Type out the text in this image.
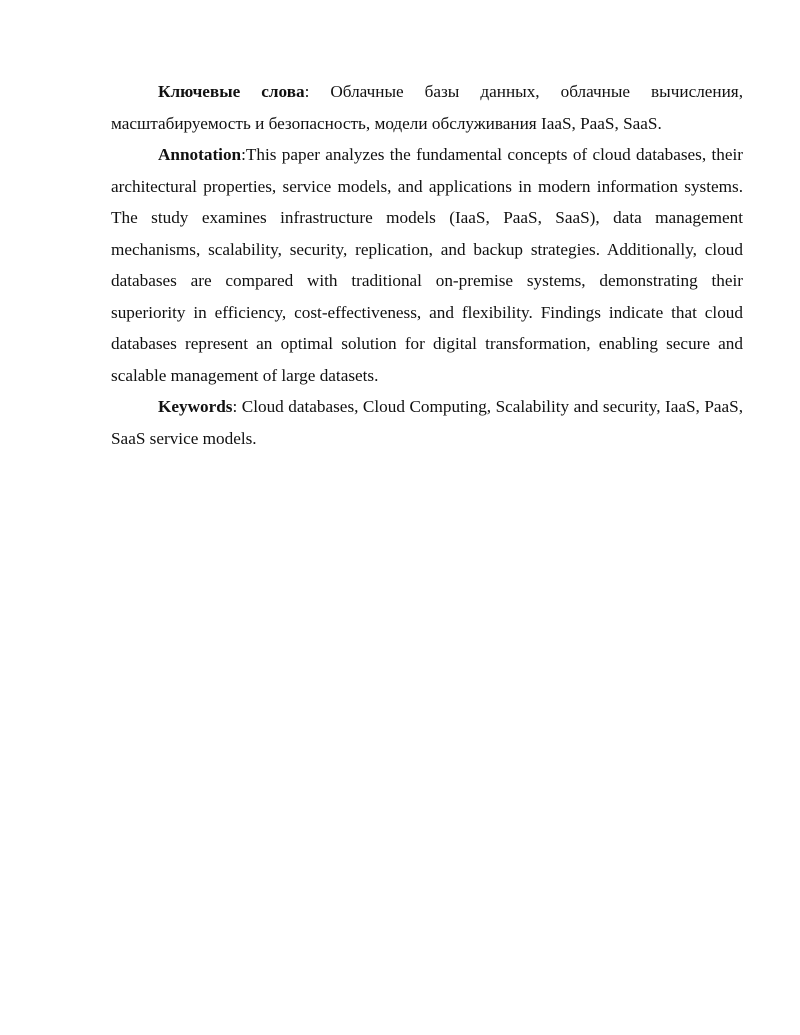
Ключевые слова: Облачные базы данных, облачные вычисления, масштабируемость и безопасность, модели обслуживания IaaS, PaaS, SaaS.

Annotation:This paper analyzes the fundamental concepts of cloud databases, their architectural properties, service models, and applications in modern information systems. The study examines infrastructure models (IaaS, PaaS, SaaS), data management mechanisms, scalability, security, replication, and backup strategies. Additionally, cloud databases are compared with traditional on-premise systems, demonstrating their superiority in efficiency, cost-effectiveness, and flexibility. Findings indicate that cloud databases represent an optimal solution for digital transformation, enabling secure and scalable management of large datasets.

Keywords: Cloud databases, Cloud Computing, Scalability and security, IaaS, PaaS, SaaS service models.
